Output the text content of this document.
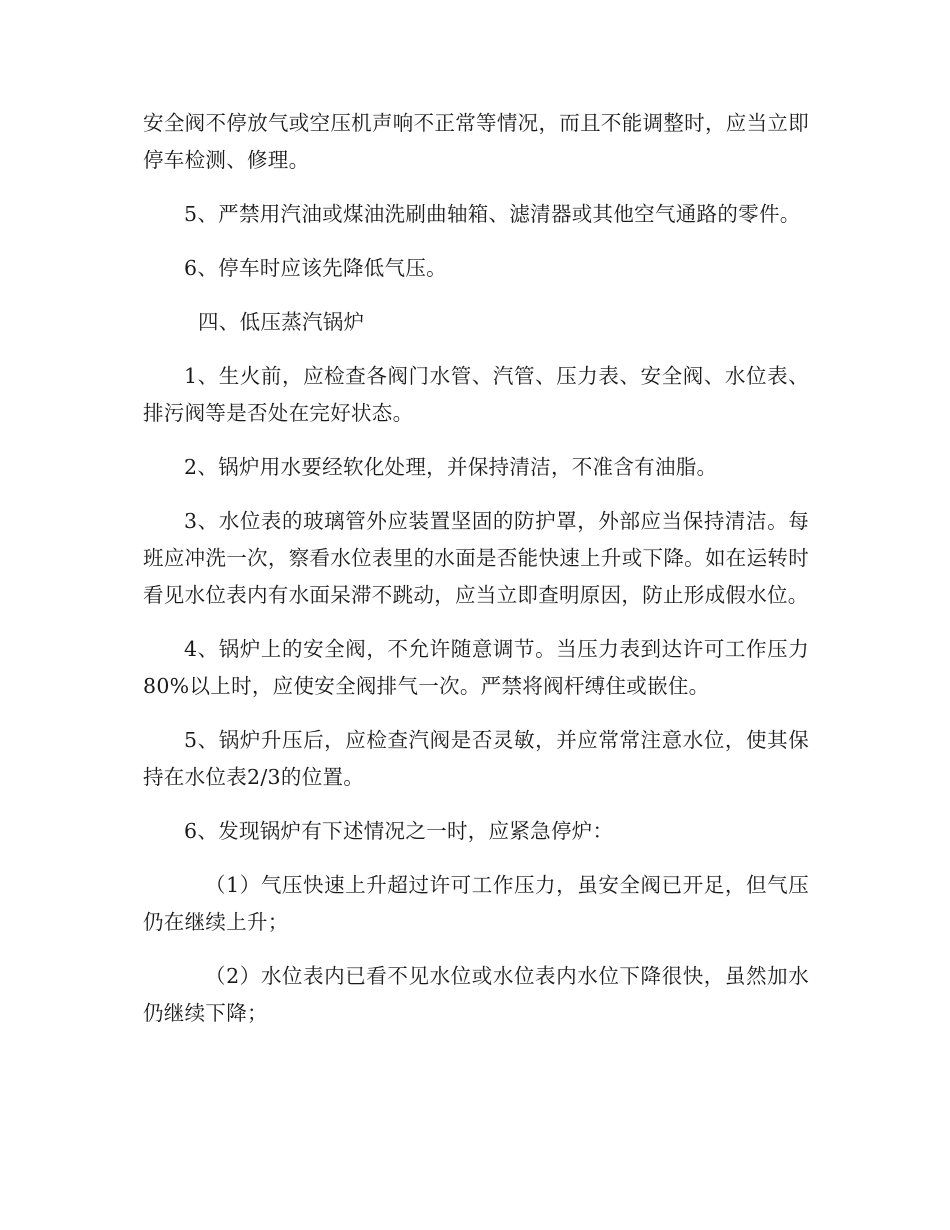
安全阀不停放气或空压机声响不正常等情况，而且不能调整时，应当立即停车检测、修理。

5、严禁用汽油或煤油洗刷曲轴箱、滤清器或其他空气通路的零件。

6、停车时应该先降低气压。

四、低压蒸汽锅炉

1、生火前，应检查各阀门水管、汽管、压力表、安全阀、水位表、排污阀等是否处在完好状态。

2、锅炉用水要经软化处理，并保持清洁，不准含有油脂。

3、水位表的玻璃管外应装置坚固的防护罩，外部应当保持清洁。每班应冲洗一次，察看水位表里的水面是否能快速上升或下降。如在运转时看见水位表内有水面呆滞不跳动，应当立即查明原因，防止形成假水位。

4、锅炉上的安全阀，不允许随意调节。当压力表到达许可工作压力80%以上时，应使安全阀排气一次。严禁将阀杆缚住或嵌住。

5、锅炉升压后，应检查汽阀是否灵敏，并应常常注意水位，使其保持在水位表2/3的位置。

6、发现锅炉有下述情况之一时，应紧急停炉：

（1）气压快速上升超过许可工作压力，虽安全阀已开足，但气压仍在继续上升；

（2）水位表内已看不见水位或水位表内水位下降很快，虽然加水仍继续下降；
